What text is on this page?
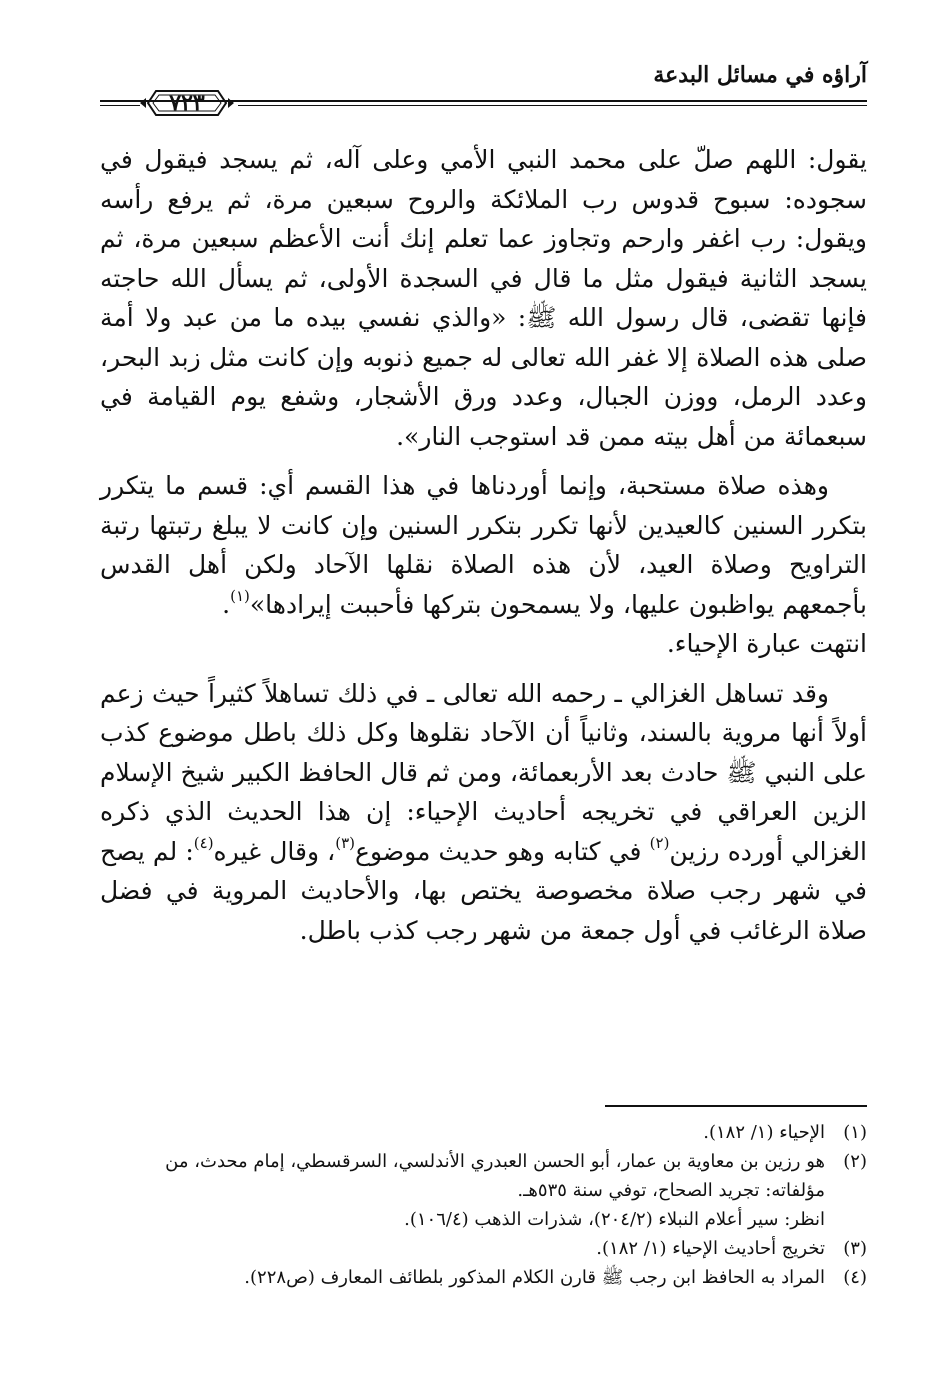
آراؤه في مسائل البدعة
٧٢٣

يقول: اللهم صلّ على محمد النبي الأمي وعلى آله، ثم يسجد فيقول في سجوده: سبوح قدوس رب الملائكة والروح سبعين مرة، ثم يرفع رأسه ويقول: رب اغفر وارحم وتجاوز عما تعلم إنك أنت الأعظم سبعين مرة، ثم يسجد الثانية فيقول مثل ما قال في السجدة الأولى، ثم يسأل الله حاجته فإنها تقضى، قال رسول الله ﷺ: «والذي نفسي بيده ما من عبد ولا أمة صلى هذه الصلاة إلا غفر الله تعالى له جميع ذنوبه وإن كانت مثل زبد البحر، وعدد الرمل، ووزن الجبال، وعدد ورق الأشجار، وشفع يوم القيامة في سبعمائة من أهل بيته ممن قد استوجب النار».

وهذه صلاة مستحبة، وإنما أوردناها في هذا القسم أي: قسم ما يتكرر بتكرر السنين كالعيدين لأنها تكرر بتكرر السنين وإن كانت لا يبلغ رتبتها رتبة التراويح وصلاة العيد، لأن هذه الصلاة نقلها الآحاد ولكن أهل القدس بأجمعهم يواظبون عليها، ولا يسمحون بتركها فأحببت إيرادها»$^{(١)}$.
انتهت عبارة الإحياء.

وقد تساهل الغزالي ـ رحمه الله تعالى ـ في ذلك تساهلاً كثيراً حيث زعم أولاً أنها مروية بالسند، وثانياً أن الآحاد نقلوها وكل ذلك باطل موضوع كذب على النبي ﷺ حادث بعد الأربعمائة، ومن ثم قال الحافظ الكبير شيخ الإسلام الزين العراقي في تخريجه أحاديث الإحياء: إن هذا الحديث الذي ذكره الغزالي أورده رزين$^{(٢)}$ في كتابه وهو حديث موضوع$^{(٣)}$، وقال غيره$^{(٤)}$: لم يصح في شهر رجب صلاة مخصوصة يختص بها، والأحاديث المروية في فضل صلاة الرغائب في أول جمعة من شهر رجب كذب باطل.

(١)
الإحياء (١/ ١٨٢).
(٢)
هو رزين بن معاوية بن عمار، أبو الحسن العبدري الأندلسي، السرقسطي، إمام محدث، من مؤلفاته: تجريد الصحاح، توفي سنة ٥٣٥هـ.
انظر: سير أعلام النبلاء (٢٠٤/٢)، شذرات الذهب (١٠٦/٤).
(٣)
تخريج أحاديث الإحياء (١/ ١٨٢).
(٤)
المراد به الحافظ ابن رجب ﷺ قارن الكلام المذكور بلطائف المعارف (ص٢٢٨).
